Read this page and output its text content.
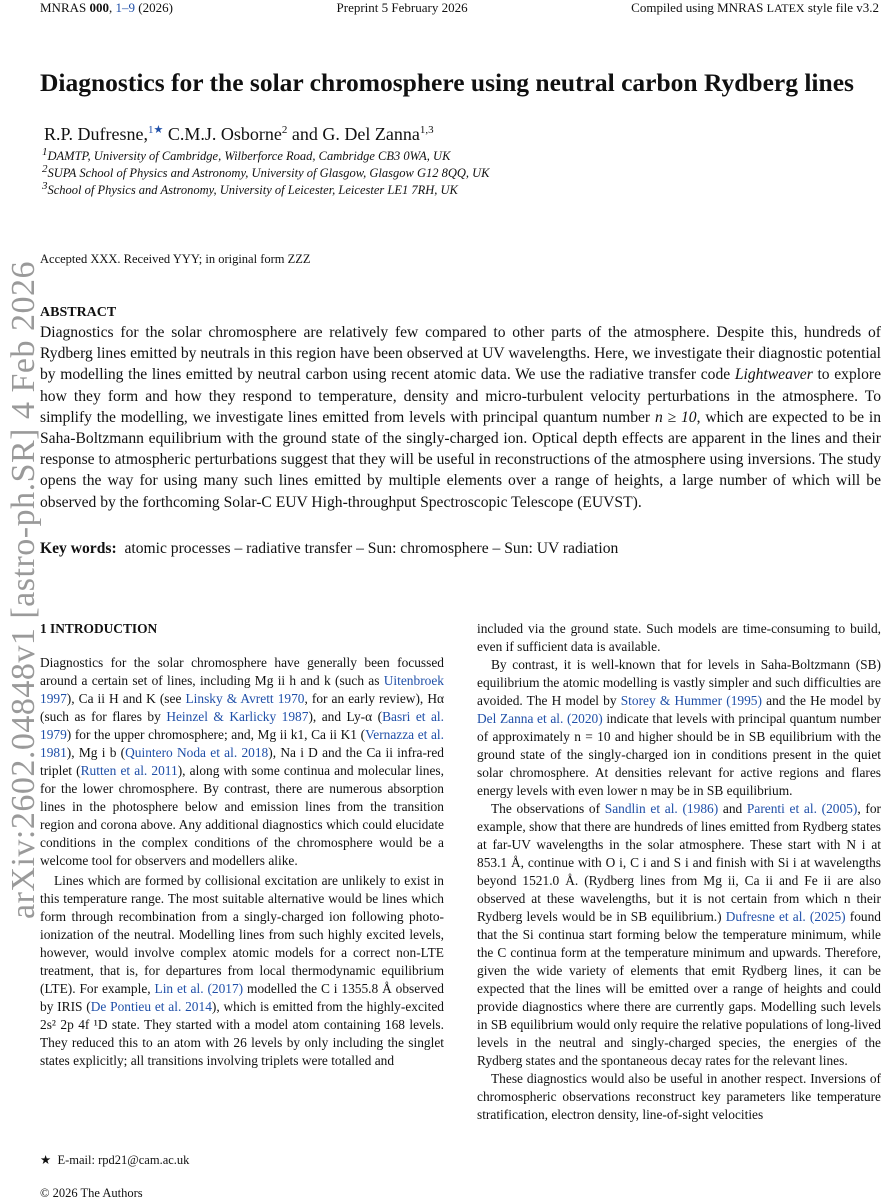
MNRAS 000, 1–9 (2026)	Preprint 5 February 2026	Compiled using MNRAS LATEX style file v3.2
arXiv:2602.04848v1 [astro-ph.SR] 4 Feb 2026
Diagnostics for the solar chromosphere using neutral carbon Rydberg lines
R.P. Dufresne,$^{1★}$ C.M.J. Osborne$^2$ and G. Del Zanna$^{1,3}$
$^1$DAMTP, University of Cambridge, Wilberforce Road, Cambridge CB3 0WA, UK
$^2$SUPA School of Physics and Astronomy, University of Glasgow, Glasgow G12 8QQ, UK
$^3$School of Physics and Astronomy, University of Leicester, Leicester LE1 7RH, UK
Accepted XXX. Received YYY; in original form ZZZ
ABSTRACT
Diagnostics for the solar chromosphere are relatively few compared to other parts of the atmosphere. Despite this, hundreds of Rydberg lines emitted by neutrals in this region have been observed at UV wavelengths. Here, we investigate their diagnostic potential by modelling the lines emitted by neutral carbon using recent atomic data. We use the radiative transfer code Lightweaver to explore how they form and how they respond to temperature, density and micro-turbulent velocity perturbations in the atmosphere. To simplify the modelling, we investigate lines emitted from levels with principal quantum number n ≥ 10, which are expected to be in Saha-Boltzmann equilibrium with the ground state of the singly-charged ion. Optical depth effects are apparent in the lines and their response to atmospheric perturbations suggest that they will be useful in reconstructions of the atmosphere using inversions. The study opens the way for using many such lines emitted by multiple elements over a range of heights, a large number of which will be observed by the forthcoming Solar-C EUV High-throughput Spectroscopic Telescope (EUVST).
Key words: atomic processes – radiative transfer – Sun: chromosphere – Sun: UV radiation

1 INTRODUCTION

Diagnostics for the solar chromosphere have generally been focussed around a certain set of lines, including Mg ii h and k (such as Uitenbroek 1997), Ca ii H and K (see Linsky & Avrett 1970, for an early review), Hα (such as for flares by Heinzel & Karlicky 1987), and Ly-α (Basri et al. 1979) for the upper chromosphere; and, Mg ii k1, Ca ii K1 (Vernazza et al. 1981), Mg i b (Quintero Noda et al. 2018), Na i D and the Ca ii infra-red triplet (Rutten et al. 2011), along with some continua and molecular lines, for the lower chromosphere. By contrast, there are numerous absorption lines in the photosphere below and emission lines from the transition region and corona above. Any additional diagnostics which could elucidate conditions in the complex conditions of the chromosphere would be a welcome tool for observers and modellers alike.

Lines which are formed by collisional excitation are unlikely to exist in this temperature range. The most suitable alternative would be lines which form through recombination from a singly-charged ion following photo-ionization of the neutral. Modelling lines from such highly excited levels, however, would involve complex atomic models for a correct non-LTE treatment, that is, for departures from local thermodynamic equilibrium (LTE). For example, Lin et al. (2017) modelled the C i 1355.8 Å observed by IRIS (De Pontieu et al. 2014), which is emitted from the highly-excited 2s² 2p 4f ¹D state. They started with a model atom containing 168 levels. They reduced this to an atom with 26 levels by only including the singlet states explicitly; all transitions involving triplets were totalled and

included via the ground state. Such models are time-consuming to build, even if sufficient data is available.

By contrast, it is well-known that for levels in Saha-Boltzmann (SB) equilibrium the atomic modelling is vastly simpler and such difficulties are avoided. The H model by Storey & Hummer (1995) and the He model by Del Zanna et al. (2020) indicate that levels with principal quantum number of approximately n = 10 and higher should be in SB equilibrium with the ground state of the singly-charged ion in conditions present in the quiet solar chromosphere. At densities relevant for active regions and flares energy levels with even lower n may be in SB equilibrium.

The observations of Sandlin et al. (1986) and Parenti et al. (2005), for example, show that there are hundreds of lines emitted from Rydberg states at far-UV wavelengths in the solar atmosphere. These start with N i at 853.1 Å, continue with O i, C i and S i and finish with Si i at wavelengths beyond 1521.0 Å. (Rydberg lines from Mg ii, Ca ii and Fe ii are also observed at these wavelengths, but it is not certain from which n their Rydberg levels would be in SB equilibrium.) Dufresne et al. (2025) found that the Si continua start forming below the temperature minimum, while the C continua form at the temperature minimum and upwards. Therefore, given the wide variety of elements that emit Rydberg lines, it can be expected that the lines will be emitted over a range of heights and could provide diagnostics where there are currently gaps. Modelling such levels in SB equilibrium would only require the relative populations of long-lived levels in the neutral and singly-charged species, the energies of the Rydberg states and the spontaneous decay rates for the relevant lines.

These diagnostics would also be useful in another respect. Inversions of chromospheric observations reconstruct key parameters like temperature stratification, electron density, line-of-sight velocities

★ E-mail: rpd21@cam.ac.uk
© 2026 The Authors
